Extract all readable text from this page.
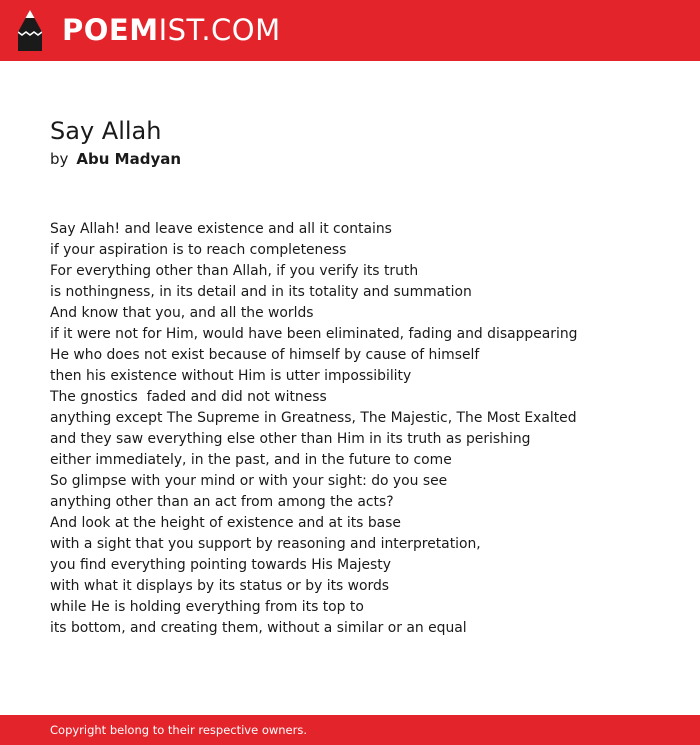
POEMIST.COM
Say Allah
by Abu Madyan
Say Allah! and leave existence and all it contains
if your aspiration is to reach completeness
For everything other than Allah, if you verify its truth
is nothingness, in its detail and in its totality and summation
And know that you, and all the worlds
if it were not for Him, would have been eliminated, fading and disappearing
He who does not exist because of himself by cause of himself
then his existence without Him is utter impossibility
The gnostics  faded and did not witness
anything except The Supreme in Greatness, The Majestic, The Most Exalted
and they saw everything else other than Him in its truth as perishing
either immediately, in the past, and in the future to come
So glimpse with your mind or with your sight: do you see
anything other than an act from among the acts?
And look at the height of existence and at its base
with a sight that you support by reasoning and interpretation,
you find everything pointing towards His Majesty
with what it displays by its status or by its words
while He is holding everything from its top to
its bottom, and creating them, without a similar or an equal
Copyright belong to their respective owners.
